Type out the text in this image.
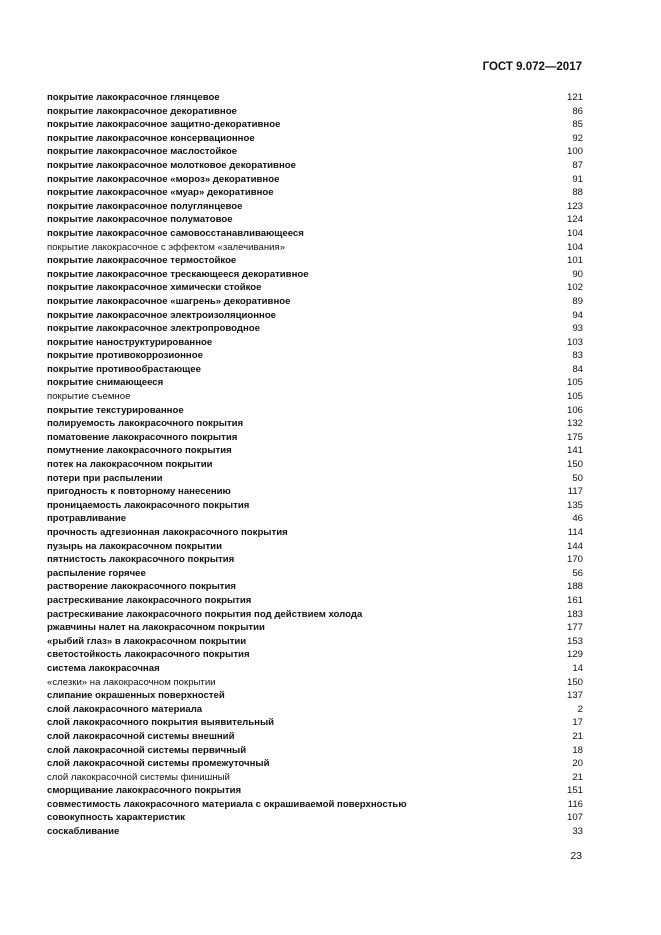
ГОСТ 9.072—2017
покрытие лакокрасочное глянцевое	121
покрытие лакокрасочное декоративное	86
покрытие лакокрасочное защитно-декоративное	85
покрытие лакокрасочное консервационное	92
покрытие лакокрасочное маслостойкое	100
покрытие лакокрасочное молотковое декоративное	87
покрытие лакокрасочное «мороз» декоративное	91
покрытие лакокрасочное «муар» декоративное	88
покрытие лакокрасочное полуглянцевое	123
покрытие лакокрасочное полуматовое	124
покрытие лакокрасочное самовосстанавливающееся	104
покрытие лакокрасочное с эффектом «залечивания»	104
покрытие лакокрасочное термостойкое	101
покрытие лакокрасочное трескающееся декоративное	90
покрытие лакокрасочное химически стойкое	102
покрытие лакокрасочное «шагрень» декоративное	89
покрытие лакокрасочное электроизоляционное	94
покрытие лакокрасочное электропроводное	93
покрытие наноструктурированное	103
покрытие противокоррозионное	83
покрытие противообрастающее	84
покрытие снимающееся	105
покрытие съемное	105
покрытие текстурированное	106
полируемость лакокрасочного покрытия	132
поматовение лакокрасочного покрытия	175
помутнение лакокрасочного покрытия	141
потек на лакокрасочном покрытии	150
потери при распылении	50
пригодность к повторному нанесению	117
проницаемость лакокрасочного покрытия	135
протравливание	46
прочность адгезионная лакокрасочного покрытия	114
пузырь на лакокрасочном покрытии	144
пятнистость лакокрасочного покрытия	170
распыление горячее	56
растворение лакокрасочного покрытия	188
растрескивание лакокрасочного покрытия	161
растрескивание лакокрасочного покрытия под действием холода	183
ржавчины налет на лакокрасочном покрытии	177
«рыбий глаз» в лакокрасочном покрытии	153
светостойкость лакокрасочного покрытия	129
система лакокрасочная	14
«слезки» на лакокрасочном покрытии	150
слипание окрашенных поверхностей	137
слой лакокрасочного материала	2
слой лакокрасочного покрытия выявительный	17
слой лакокрасочной системы внешний	21
слой лакокрасочной системы первичный	18
слой лакокрасочной системы промежуточный	20
слой лакокрасочной системы финишный	21
сморщивание лакокрасочного покрытия	151
совместимость лакокрасочного материала с окрашиваемой поверхностью	116
совокупность характеристик	107
соскабливание	33
23
